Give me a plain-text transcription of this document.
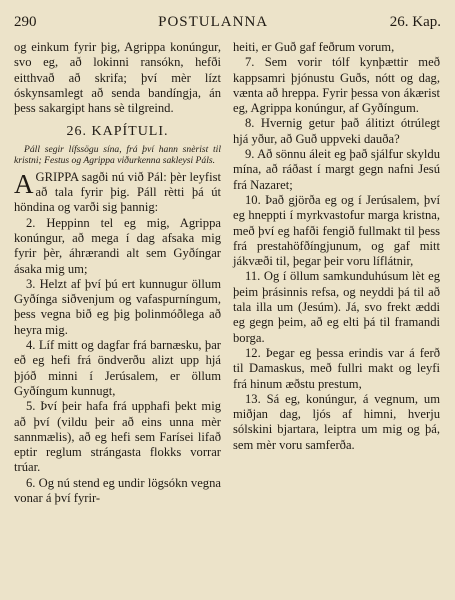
290	POSTULANNA	26. Kap.

og einkum fyrir þig, Agrippa konúngur, svo eg, að lokinni ransókn, hefði eitthvað að skrifa; því mèr lízt óskynsamlegt að senda bandíngja, án þess sakargipt hans sè tilgreind.

26. KAPÍTULI.

Páll segir lífssögu sína, frá því hann snèrist til kristni; Festus og Agrippa viðurkenna sakleysi Páls.

AGRIPPA sagði nú við Pál: þèr leyfist að tala fyrir þig. Páll rètti þá út höndina og varði sig þannig:

2. Heppinn tel eg mig, Agrippa konúngur, að mega í dag afsaka mig fyrir þèr, áhrærandi alt sem Gyðíngar ásaka mig um;

3. Helzt af því þú ert kunnugur öllum Gyðínga siðvenjum og vafaspurníngum, þess vegna bið eg þig þolinmóðlega að heyra mig.

4. Líf mitt og dagfar frá barnæsku, þar eð eg hefi frá öndverðu alizt upp hjá þjóð minni í Jerúsalem, er öllum Gyðíngum kunnugt,

5. Því þeir hafa frá upphafi þekt mig að því (vildu þeir að eins unna mèr sannmælis), að eg hefi sem Farísei lifað eptir reglum strángasta flokks vorrar trúar.

6. Og nú stend eg undir lögsókn vegna vonar á því fyrir-

heiti, er Guð gaf feðrum vorum,

7. Sem vorir tólf kynþættir með kappsamri þjónustu Guðs, nótt og dag, vænta að hreppa. Fyrir þessa von ákærist eg, Agrippa konúngur, af Gyðíngum.

8. Hvernig getur það álitizt ótrúlegt hjá yður, að Guð uppveki dauða?

9. Að sönnu áleit eg það sjálfur skyldu mína, að ráðast í margt gegn nafni Jesú frá Nazaret;

10. Það gjörða eg og í Jerúsalem, því eg hneppti í myrkvastofur marga kristna, með því eg hafði fengið fullmakt til þess frá prestahöfðíngjunum, og gaf mitt jákvæði til, þegar þeir voru líflátnir,

11. Og í öllum samkunduhúsum lèt eg þeim þrásinnis refsa, og neyddi þá til að tala illa um (Jesúm). Já, svo frekt æddi eg gegn þeim, að eg elti þá til framandi borga.

12. Þegar eg þessa erindis var á ferð til Damaskus, með fullri makt og leyfi frá hinum æðstu prestum,

13. Sá eg, konúngur, á vegnum, um miðjan dag, ljós af himni, hverju sólskini bjartara, leiptra um mig og þá, sem mèr voru samferða.
